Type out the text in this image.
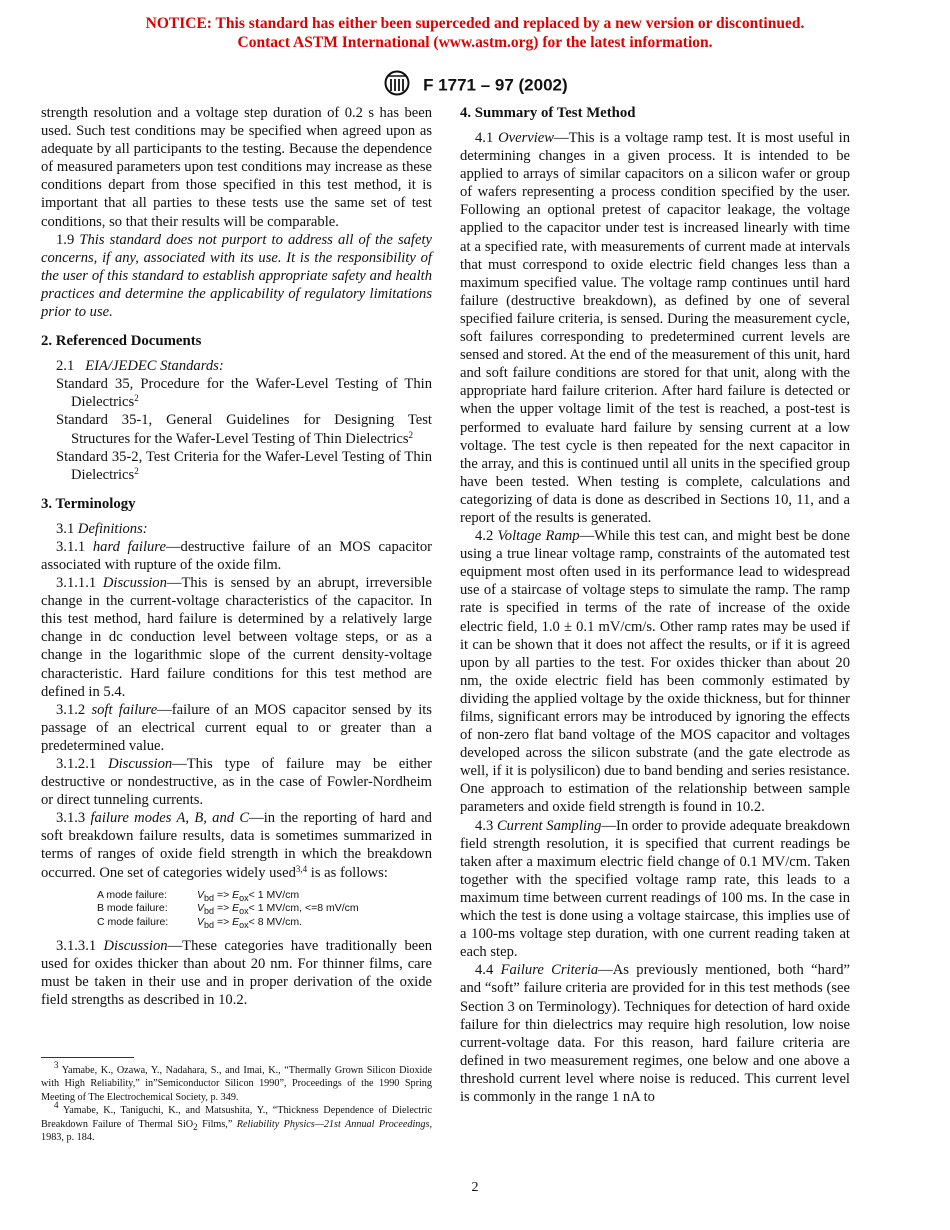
NOTICE: This standard has either been superceded and replaced by a new version or discontinued.
Contact ASTM International (www.astm.org) for the latest information.
F 1771 – 97 (2002)

strength resolution and a voltage step duration of 0.2 s has been used. Such test conditions may be specified when agreed upon as adequate by all participants to the testing. Because the dependence of measured parameters upon test conditions may increase as these conditions depart from those specified in this test method, it is important that all parties to these tests use the same set of test conditions, so that their results will be comparable.

1.9 This standard does not purport to address all of the safety concerns, if any, associated with its use. It is the responsibility of the user of this standard to establish appropriate safety and health practices and determine the applicability of regulatory limitations prior to use.

2. Referenced Documents

2.1 EIA/JEDEC Standards:

Standard 35, Procedure for the Wafer-Level Testing of Thin Dielectrics$^2$

Standard 35-1, General Guidelines for Designing Test Structures for the Wafer-Level Testing of Thin Dielectrics$^2$

Standard 35-2, Test Criteria for the Wafer-Level Testing of Thin Dielectrics$^2$

3. Terminology

3.1 Definitions:

3.1.1 hard failure—destructive failure of an MOS capacitor associated with rupture of the oxide film.

3.1.1.1 Discussion—This is sensed by an abrupt, irreversible change in the current-voltage characteristics of the capacitor. In this test method, hard failure is determined by a relatively large change in dc conduction level between voltage steps, or as a change in the logarithmic slope of the current density-voltage characteristic. Hard failure conditions for this test method are defined in 5.4.

3.1.2 soft failure—failure of an MOS capacitor sensed by its passage of an electrical current equal to or greater than a predetermined value.

3.1.2.1 Discussion—This type of failure may be either destructive or nondestructive, as in the case of Fowler-Nordheim or direct tunneling currents.

3.1.3 failure modes A, B, and C—in the reporting of hard and soft breakdown failure results, data is sometimes summarized in terms of ranges of oxide field strength in which the breakdown occurred. One set of categories widely used$^{3,4}$ is as follows:

A mode failure:	$V_{bd} => E_{ox}< 1$ MV/cm
B mode failure:	$V_{bd} => E_{ox}< 1$ MV/cm, <=8 mV/cm
C mode failure:	$V_{bd} => E_{ox}< 8$ MV/cm.

3.1.3.1 Discussion—These categories have traditionally been used for oxides thicker than about 20 nm. For thinner films, care must be taken in their use and in proper derivation of the oxide field strengths as described in 10.2.

$^3$ Yamabe, K., Ozawa, Y., Nadahara, S., and Imai, K., “Thermally Grown Silicon Dioxide with High Reliability,” in”Semiconductor Silicon 1990”, Proceedings of the 1990 Spring Meeting of The Electrochemical Society, p. 349.

$^4$ Yamabe, K., Taniguchi, K., and Matsushita, Y., “Thickness Dependence of Dielectric Breakdown Failure of Thermal SiO$_2$ Films,” Reliability Physics—21st Annual Proceedings, 1983, p. 184.

4. Summary of Test Method

4.1 Overview—This is a voltage ramp test. It is most useful in determining changes in a given process. It is intended to be applied to arrays of similar capacitors on a silicon wafer or group of wafers representing a process condition specified by the user. Following an optional pretest of capacitor leakage, the voltage applied to the capacitor under test is increased linearly with time at a specified rate, with measurements of current made at intervals that must correspond to oxide electric field changes less than a maximum specified value. The voltage ramp continues until hard failure (destructive breakdown), as defined by one of several specified failure criteria, is sensed. During the measurement cycle, soft failures corresponding to predetermined current levels are sensed and stored. At the end of the measurement of this unit, hard and soft failure conditions are stored for that unit, along with the appropriate hard failure criterion. After hard failure is detected or when the upper voltage limit of the test is reached, a post-test is performed to evaluate hard failure by sensing current at a low voltage. The test cycle is then repeated for the next capacitor in the array, and this is continued until all units in the specified group have been tested. When testing is complete, calculations and categorizing of data is done as described in Sections 10, 11, and a report of the results is generated.

4.2 Voltage Ramp—While this test can, and might best be done using a true linear voltage ramp, constraints of the automated test equipment most often used in its performance lead to widespread use of a staircase of voltage steps to simulate the ramp. The ramp rate is specified in terms of the rate of increase of the oxide electric field, 1.0 ± 0.1 mV/cm/s. Other ramp rates may be used if it can be shown that it does not affect the results, or if it is agreed upon by all parties to the test. For oxides thicker than about 20 nm, the oxide electric field has been commonly estimated by dividing the applied voltage by the oxide thickness, but for thinner films, significant errors may be introduced by ignoring the effects of non-zero flat band voltage of the MOS capacitor and voltages developed across the silicon substrate (and the gate electrode as well, if it is polysilicon) due to band bending and series resistance. One approach to estimation of the relationship between sample parameters and oxide field strength is found in 10.2.

4.3 Current Sampling—In order to provide adequate breakdown field strength resolution, it is specified that current readings be taken after a maximum electric field change of 0.1 MV/cm. Taken together with the specified voltage ramp rate, this leads to a maximum time between current readings of 100 ms. In the case in which the test is done using a voltage staircase, this implies use of a 100-ms voltage step duration, with one current reading taken at each step.

4.4 Failure Criteria—As previously mentioned, both “hard” and “soft” failure criteria are provided for in this test methods (see Section 3 on Terminology). Techniques for detection of hard oxide failure for thin dielectrics may require high resolution, low noise current-voltage data. For this reason, hard failure criteria are defined in two measurement regimes, one below and one above a threshold current level where noise is reduced. This current level is commonly in the range 1 nA to

2
